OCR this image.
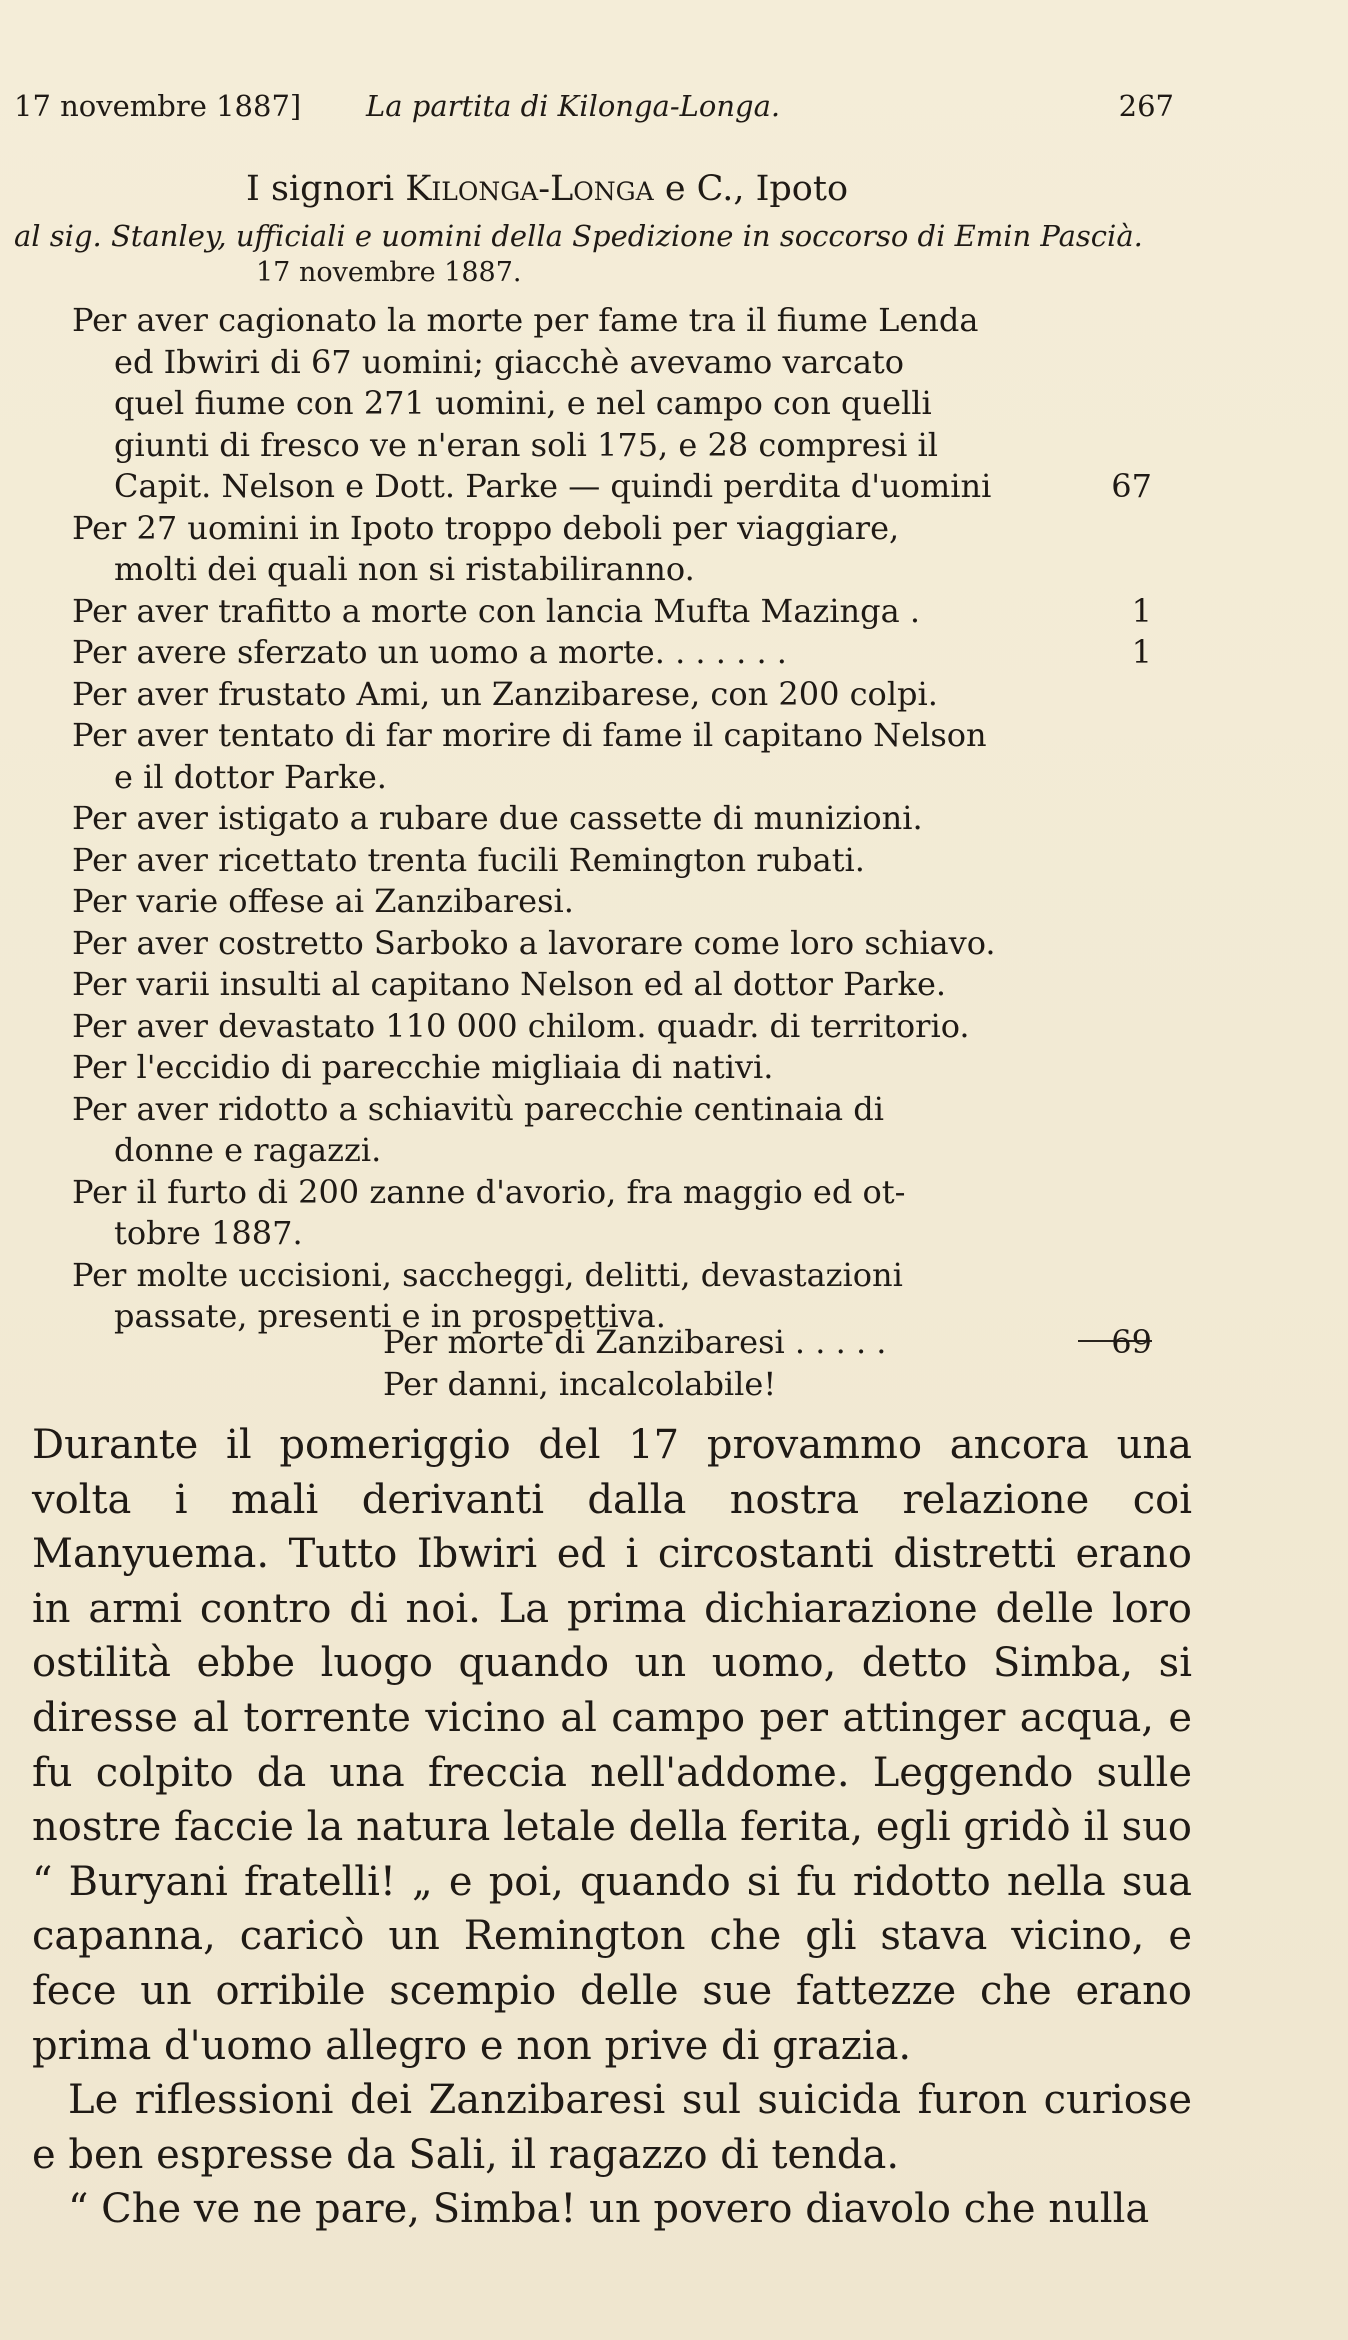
17 novembre 1887] La partita di Kilonga-Longa.	267
I signori Kilonga-Longa e C., Ipoto
al sig. Stanley, ufficiali e uomini della Spedizione in soccorso di Emin Pascià.
17 novembre 1887.
Per aver cagionato la morte per fame tra il fiume Lenda
ed Ibwiri di 67 uomini; giacchè avevamo varcato
quel fiume con 271 uomini, e nel campo con quelli
giunti di fresco ve n'eran soli 175, e 28 compresi il
Capit. Nelson e Dott. Parke — quindi perdita d'uomini	67
Per 27 uomini in Ipoto troppo deboli per viaggiare,
molti dei quali non si ristabiliranno.
Per aver trafitto a morte con lancia Mufta Mazinga .	1
Per avere sferzato un uomo a morte. . . . . . .	1
Per aver frustato Ami, un Zanzibarese, con 200 colpi.
Per aver tentato di far morire di fame il capitano Nelson
e il dottor Parke.
Per aver istigato a rubare due cassette di munizioni.
Per aver ricettato trenta fucili Remington rubati.
Per varie offese ai Zanzibaresi.
Per aver costretto Sarboko a lavorare come loro schiavo.
Per varii insulti al capitano Nelson ed al dottor Parke.
Per aver devastato 110 000 chilom. quadr. di territorio.
Per l'eccidio di parecchie migliaia di nativi.
Per aver ridotto a schiavitù parecchie centinaia di
donne e ragazzi.
Per il furto di 200 zanne d'avorio, fra maggio ed ot-
tobre 1887.
Per molte uccisioni, saccheggi, delitti, devastazioni
passate, presenti e in prospettiva.
Per morte di Zanzibaresi . . . . .	69
Per danni, incalcolabile!

Durante il pomeriggio del 17 provammo ancora una volta i mali derivanti dalla nostra relazione coi Manyuema. Tutto Ibwiri ed i circostanti distretti erano in armi contro di noi. La prima dichiarazione delle loro ostilità ebbe luogo quando un uomo, detto Simba, si diresse al torrente vicino al campo per attinger acqua, e fu colpito da una freccia nell'addome. Leggendo sulle nostre faccie la natura letale della ferita, egli gridò il suo “ Buryani fratelli! „ e poi, quando si fu ridotto nella sua capanna, caricò un Remington che gli stava vicino, e fece un orribile scempio delle sue fattezze che erano prima d'uomo allegro e non prive di grazia.

Le riflessioni dei Zanzibaresi sul suicida furon curiose e ben espresse da Sali, il ragazzo di tenda.

“ Che ve ne pare, Simba! un povero diavolo che nulla
